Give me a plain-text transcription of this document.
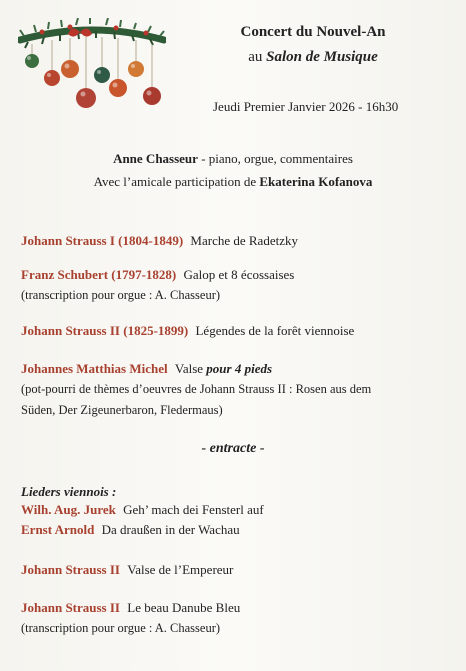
Concert du Nouvel-An
au Salon de Musique
Jeudi Premier Janvier 2026 - 16h30
Anne Chasseur - piano, orgue, commentaires
Avec l’amicale participation de Ekaterina Kofanova
Johann Strauss I (1804-1849) Marche de Radetzky
Franz Schubert (1797-1828) Galop et 8 écossaises
(transcription pour orgue : A. Chasseur)
Johann Strauss II (1825-1899) Légendes de la forêt viennoise
Johannes Matthias Michel Valse pour 4 pieds
(pot-pourri de thèmes d’oeuvres de Johann Strauss II : Rosen aus dem
Süden, Der Zigeunerbaron, Fledermaus)
- entracte -
Lieders viennois :
Wilh. Aug. Jurek Geh’ mach dei Fensterl auf
Ernst Arnold Da draußen in der Wachau
Johann Strauss II Valse de l’Empereur
Johann Strauss II Le beau Danube Bleu
(transcription pour orgue : A. Chasseur)
